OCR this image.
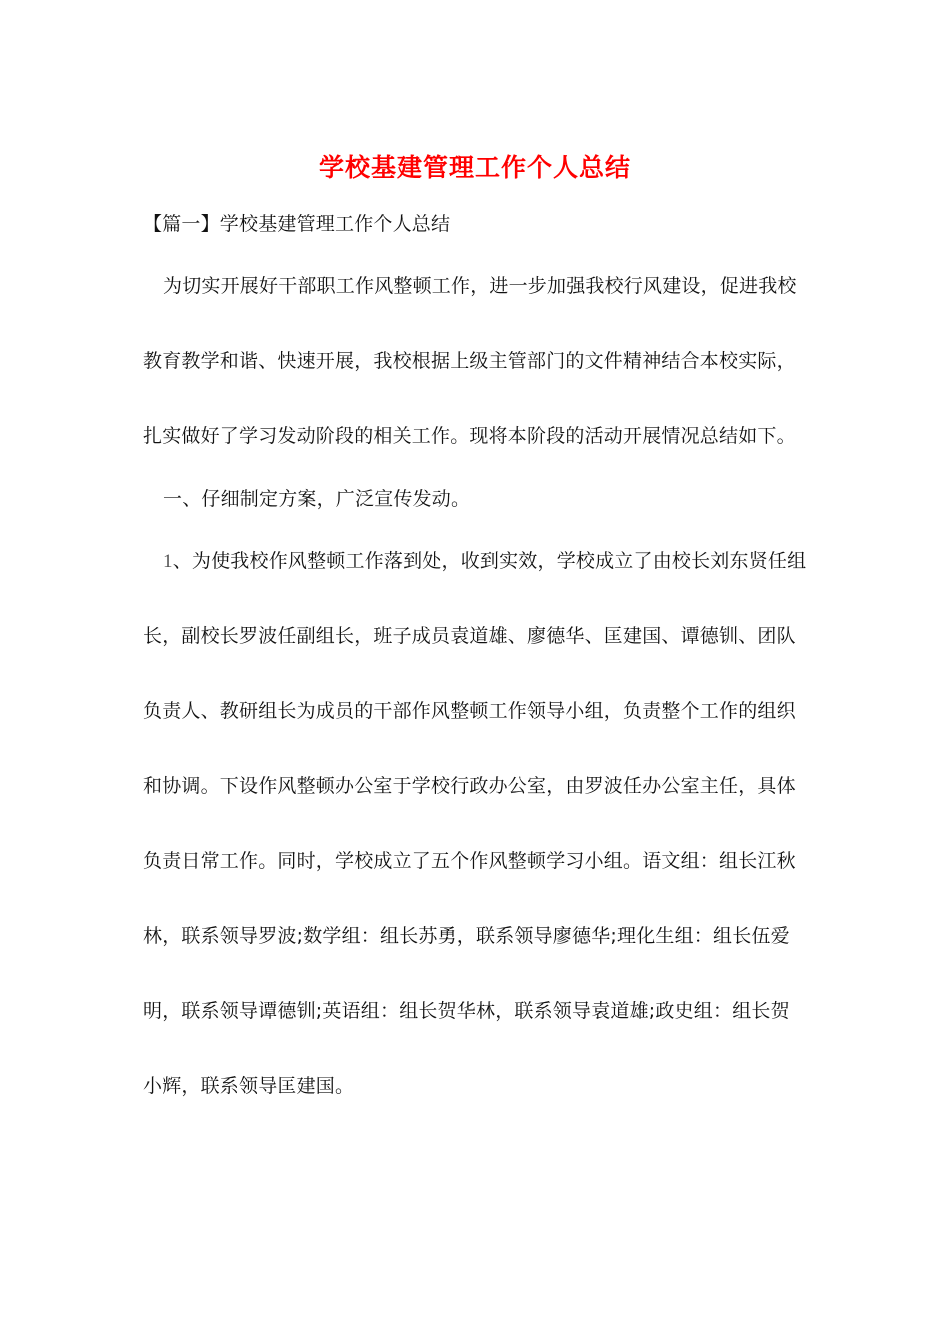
学校基建管理工作个人总结
【篇一】学校基建管理工作个人总结
为切实开展好干部职工作风整顿工作，进一步加强我校行风建设，促进我校
教育教学和谐、快速开展，我校根据上级主管部门的文件精神结合本校实际，
扎实做好了学习发动阶段的相关工作。现将本阶段的活动开展情况总结如下。
一、仔细制定方案，广泛宣传发动。
1、为使我校作风整顿工作落到处，收到实效，学校成立了由校长刘东贤任组
长，副校长罗波任副组长，班子成员袁道雄、廖德华、匡建国、谭德钏、团队
负责人、教研组长为成员的干部作风整顿工作领导小组，负责整个工作的组织
和协调。下设作风整顿办公室于学校行政办公室，由罗波任办公室主任，具体
负责日常工作。同时，学校成立了五个作风整顿学习小组。语文组：组长江秋
林，联系领导罗波;数学组：组长苏勇，联系领导廖德华;理化生组：组长伍爱
明，联系领导谭德钏;英语组：组长贺华林，联系领导袁道雄;政史组：组长贺
小辉，联系领导匡建国。
